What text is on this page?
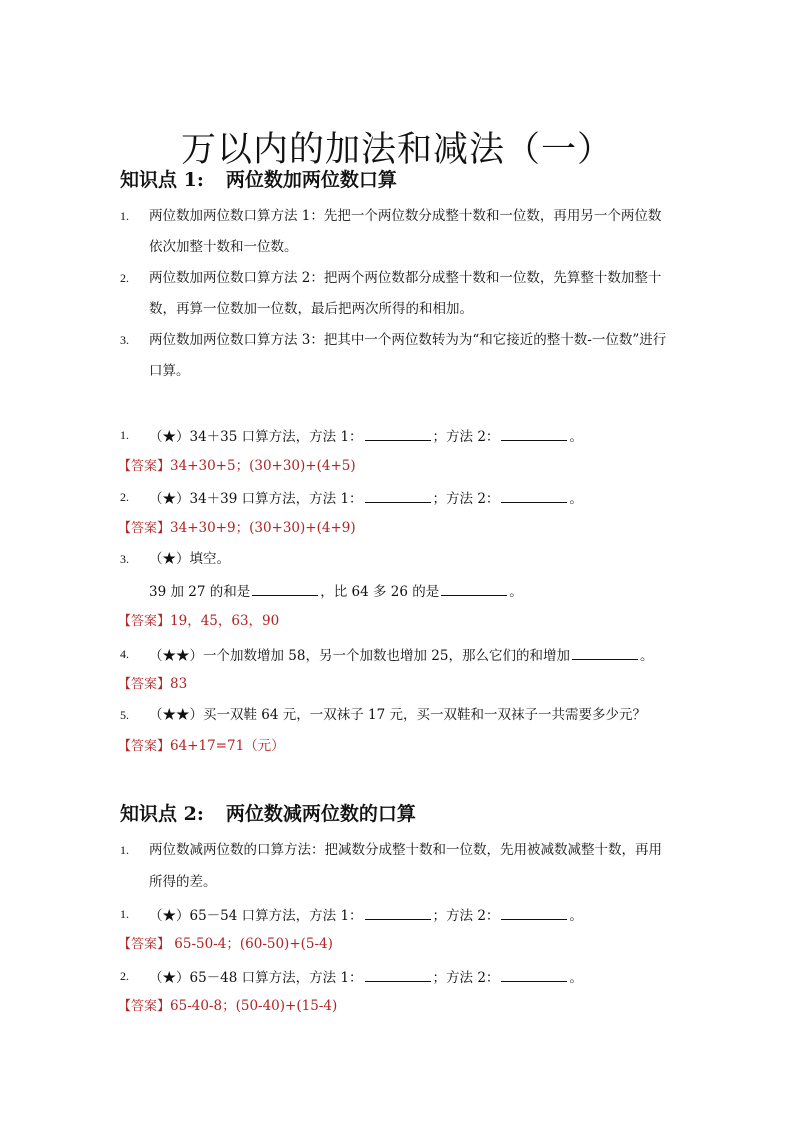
万以内的加法和减法（一）
知识点 1: 两位数加两位数口算
1.	两位数加两位数口算方法 1：先把一个两位数分成整十数和一位数，再用另一个两位数
依次加整十数和一位数。
2.	两位数加两位数口算方法 2：把两个两位数都分成整十数和一位数，先算整十数加整十
数，再算一位数加一位数，最后把两次所得的和相加。
3.	两位数加两位数口算方法 3：把其中一个两位数转为为“和它接近的整十数-一位数”进行
口算。
1.	（★）34＋35 口算方法，方法 1：	；方法 2：	。
【答案】34+30+5；(30+30)+(4+5)
2.	（★）34＋39 口算方法，方法 1：	；方法 2：	。
【答案】34+30+9；(30+30)+(4+9)
3.	（★）填空。
39 加 27 的和是	，比 64 多 26 的是	。
【答案】19，45，63，90
4.	（★★）一个加数增加 58，另一个加数也增加 25，那么它们的和增加	。
【答案】83
5.	（★★）买一双鞋 64 元，一双袜子 17 元，买一双鞋和一双袜子一共需要多少元？
【答案】64+17=71（元）
知识点 2: 两位数减两位数的口算
1.	两位数减两位数的口算方法：把减数分成整十数和一位数，先用被减数减整十数，再用
所得的差。
1.	（★）65－54 口算方法，方法 1：	；方法 2：	。
【答案】 65-50-4；(60-50)+(5-4)
2.	（★）65－48 口算方法，方法 1：	；方法 2：	。
【答案】65-40-8；(50-40)+(15-4)
